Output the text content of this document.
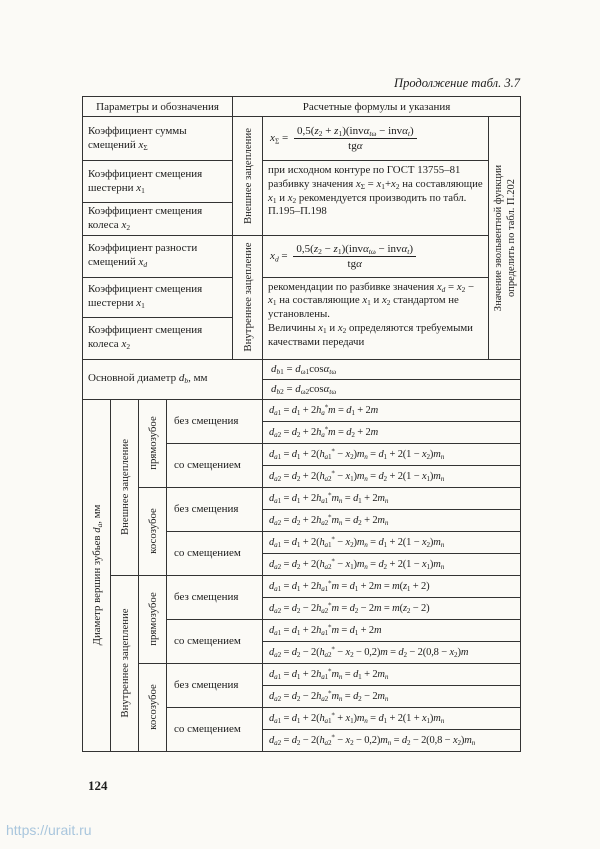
Продолжение табл. 3.7
Параметры и обозначения				Расчетные формулы и указания		
Коэффициент суммы смещений $x_\Sigma$				Внешнее зацепление	$x_\Sigma = \frac{0,5(z_2 + z_1)(inv\alpha_{t\omega} - inv\alpha_t)}{\text{tgα}}$	Значение эвольвентной функции определить по табл. П.202

Коэффициент смещения шестерни $x_1$					при исходном контуре по ГОСТ 13755–81 разбивку значения $x_\Sigma = x_1+x_2$ на составляющие $x_1$ и $x_2$ рекомендуется производить по табл. П.195–П.198	
Коэффициент смещения колеса $x_2$
Коэффициент разности смещений $x_d$				Внутреннее зацепление	$x_d = \frac{0,5(z_2 - z_1)(inv\alpha_{t\omega} - inv\alpha_t)}{\text{tgα}}$

Коэффициент смещения шестерни $x_1$					рекомендации по разбивке значения $x_d = x_2 - x_1$ на составляющие $x_1$ и $x_2$ стандартом не установлены.
Величины $x_1$ и $x_2$ определяются требуемыми качествами передачи	
Коэффициент смещения колеса $x_2$
Основной диаметр $d_b$, мм					$d_{b1} = d_{\omega 1}\cos\alpha_{t\omega}$
					$d_{b2} = d_{\omega 2}\cos\alpha_{t\omega}$

Диаметр вершин зубьев $d_a$, мм	Внешнее зацепление	прямозубое	без смещения		$d_{a1} = d_1 + 2h_a^*m = d_1 + 2m$	
					$d_{a2} = d_2 + 2h_a^*m = d_2 + 2m$	
			со смещением		$d_{a1} = d_1 + 2(h_{a1}^* - x_2)m_n = d_1 + 2(1 - x_2)m_n$
					$d_{a2} = d_2 + 2(h_{a2}^* - x_1)m_n = d_2 + 2(1 - x_1)m_n$

		косозубое	без смещения		$d_{a1} = d_1 + 2h_{a1}^*m_n = d_1 + 2m_n$
					$d_{a2} = d_2 + 2h_{a2}^*m_n = d_2 + 2m_n$
			со смещением		$d_{a1} = d_1 + 2(h_{a1}^* - x_2)m_n = d_1 + 2(1 - x_2)m_n$
					$d_{a2} = d_2 + 2(h_{a2}^* - x_1)m_n = d_2 + 2(1 - x_1)m_n$

	Внутреннее зацепление	прямозубое	без смещения		$d_{a1} = d_1 + 2h_{a1}^*m = d_1 + 2m = m(z_1 + 2)$	
					$d_{a2} = d_2 - 2h_{a2}^*m = d_2 - 2m = m(z_2 - 2)$	
			со смещением		$d_{a1} = d_1 + 2h_{a1}^*m = d_1 + 2m$	
					$d_{a2} = d_2 - 2(h_{a2}^* - x_2 - 0,2)m = d_2 - 2(0,8 - x_2)m$	

		косозубое	без смещения		$d_{a1} = d_1 + 2h_{a1}^*m_n = d_1 + 2m_n$
					$d_{a2} = d_2 - 2h_{a2}^*m_n = d_2 - 2m_n$
			со смещением		$d_{a1} = d_1 + 2(h_{a1}^* + x_1)m_n = d_1 + 2(1 + x_1)m_n$
					$d_{a2} = d_2 - 2(h_{a2}^* - x_2 - 0,2)m_n = d_2 - 2(0,8 - x_2)m_n$
124
https://urait.ru
